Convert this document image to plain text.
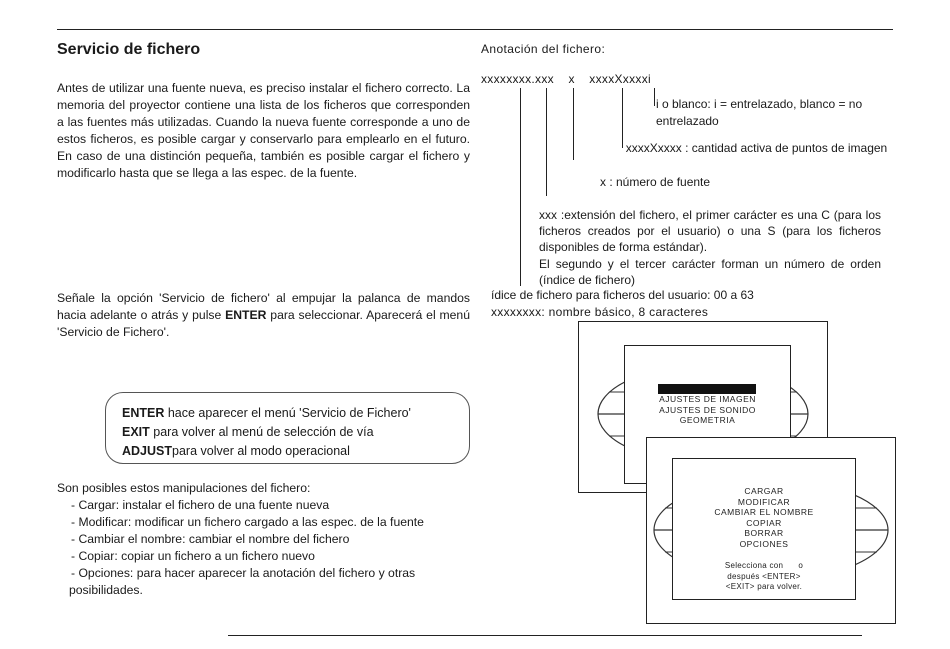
Servicio de fichero
Antes de utilizar una fuente nueva, es preciso instalar el fichero correcto. La memoria del proyector contiene una lista de los ficheros que corresponden a las fuentes más utilizadas. Cuando la nueva fuente corresponde a uno de estos ficheros, es posible cargar y conservarlo para emplearlo en el futuro. En caso de una distinción pequeña, también es posible cargar el fichero y modificarlo hasta que se llega a las espec. de la fuente.
Señale la opción 'Servicio de fichero' al empujar la palanca de mandos hacia adelante o atrás y pulse ENTER para seleccionar. Aparecerá el menú 'Servicio de Fichero'.
ENTER hace aparecer el menú 'Servicio de Fichero'
EXIT para volver al menú de selección de vía
ADJUSTpara volver al modo operacional
Son posibles estos manipulaciones del fichero:
- Cargar: instalar el fichero de una fuente nueva
- Modificar: modificar un fichero cargado a las espec. de la fuente
- Cambiar el nombre: cambiar el nombre del fichero
- Copiar: copiar un fichero a un fichero nuevo
- Opciones: para hacer aparecer la anotación del fichero y otras
posibilidades.
Anotación del fichero:
xxxxxxxx.xxx    x    xxxxXxxxxi
i o blanco: i = entrelazado, blanco = no entrelazado
xxxxXxxxx : cantidad activa de puntos de imagen
x : número de fuente
xxx :extensión del fichero, el primer carácter es una C (para los ficheros creados por el usuario) o una S (para los ficheros disponibles de forma estándar).
El segundo y el tercer carácter forman un número de orden (índice de fichero)
ídice de fichero para ficheros del usuario: 00 a 63
xxxxxxxx: nombre básico, 8 caracteres
AJUSTES DE IMAGEN
AJUSTES DE SONIDO
GEOMETRIA
CARGAR
MODIFICAR
CAMBIAR EL NOMBRE
COPIAR
BORRAR
OPCIONES
Selecciona con      o
después <ENTER>
<EXIT> para volver.
